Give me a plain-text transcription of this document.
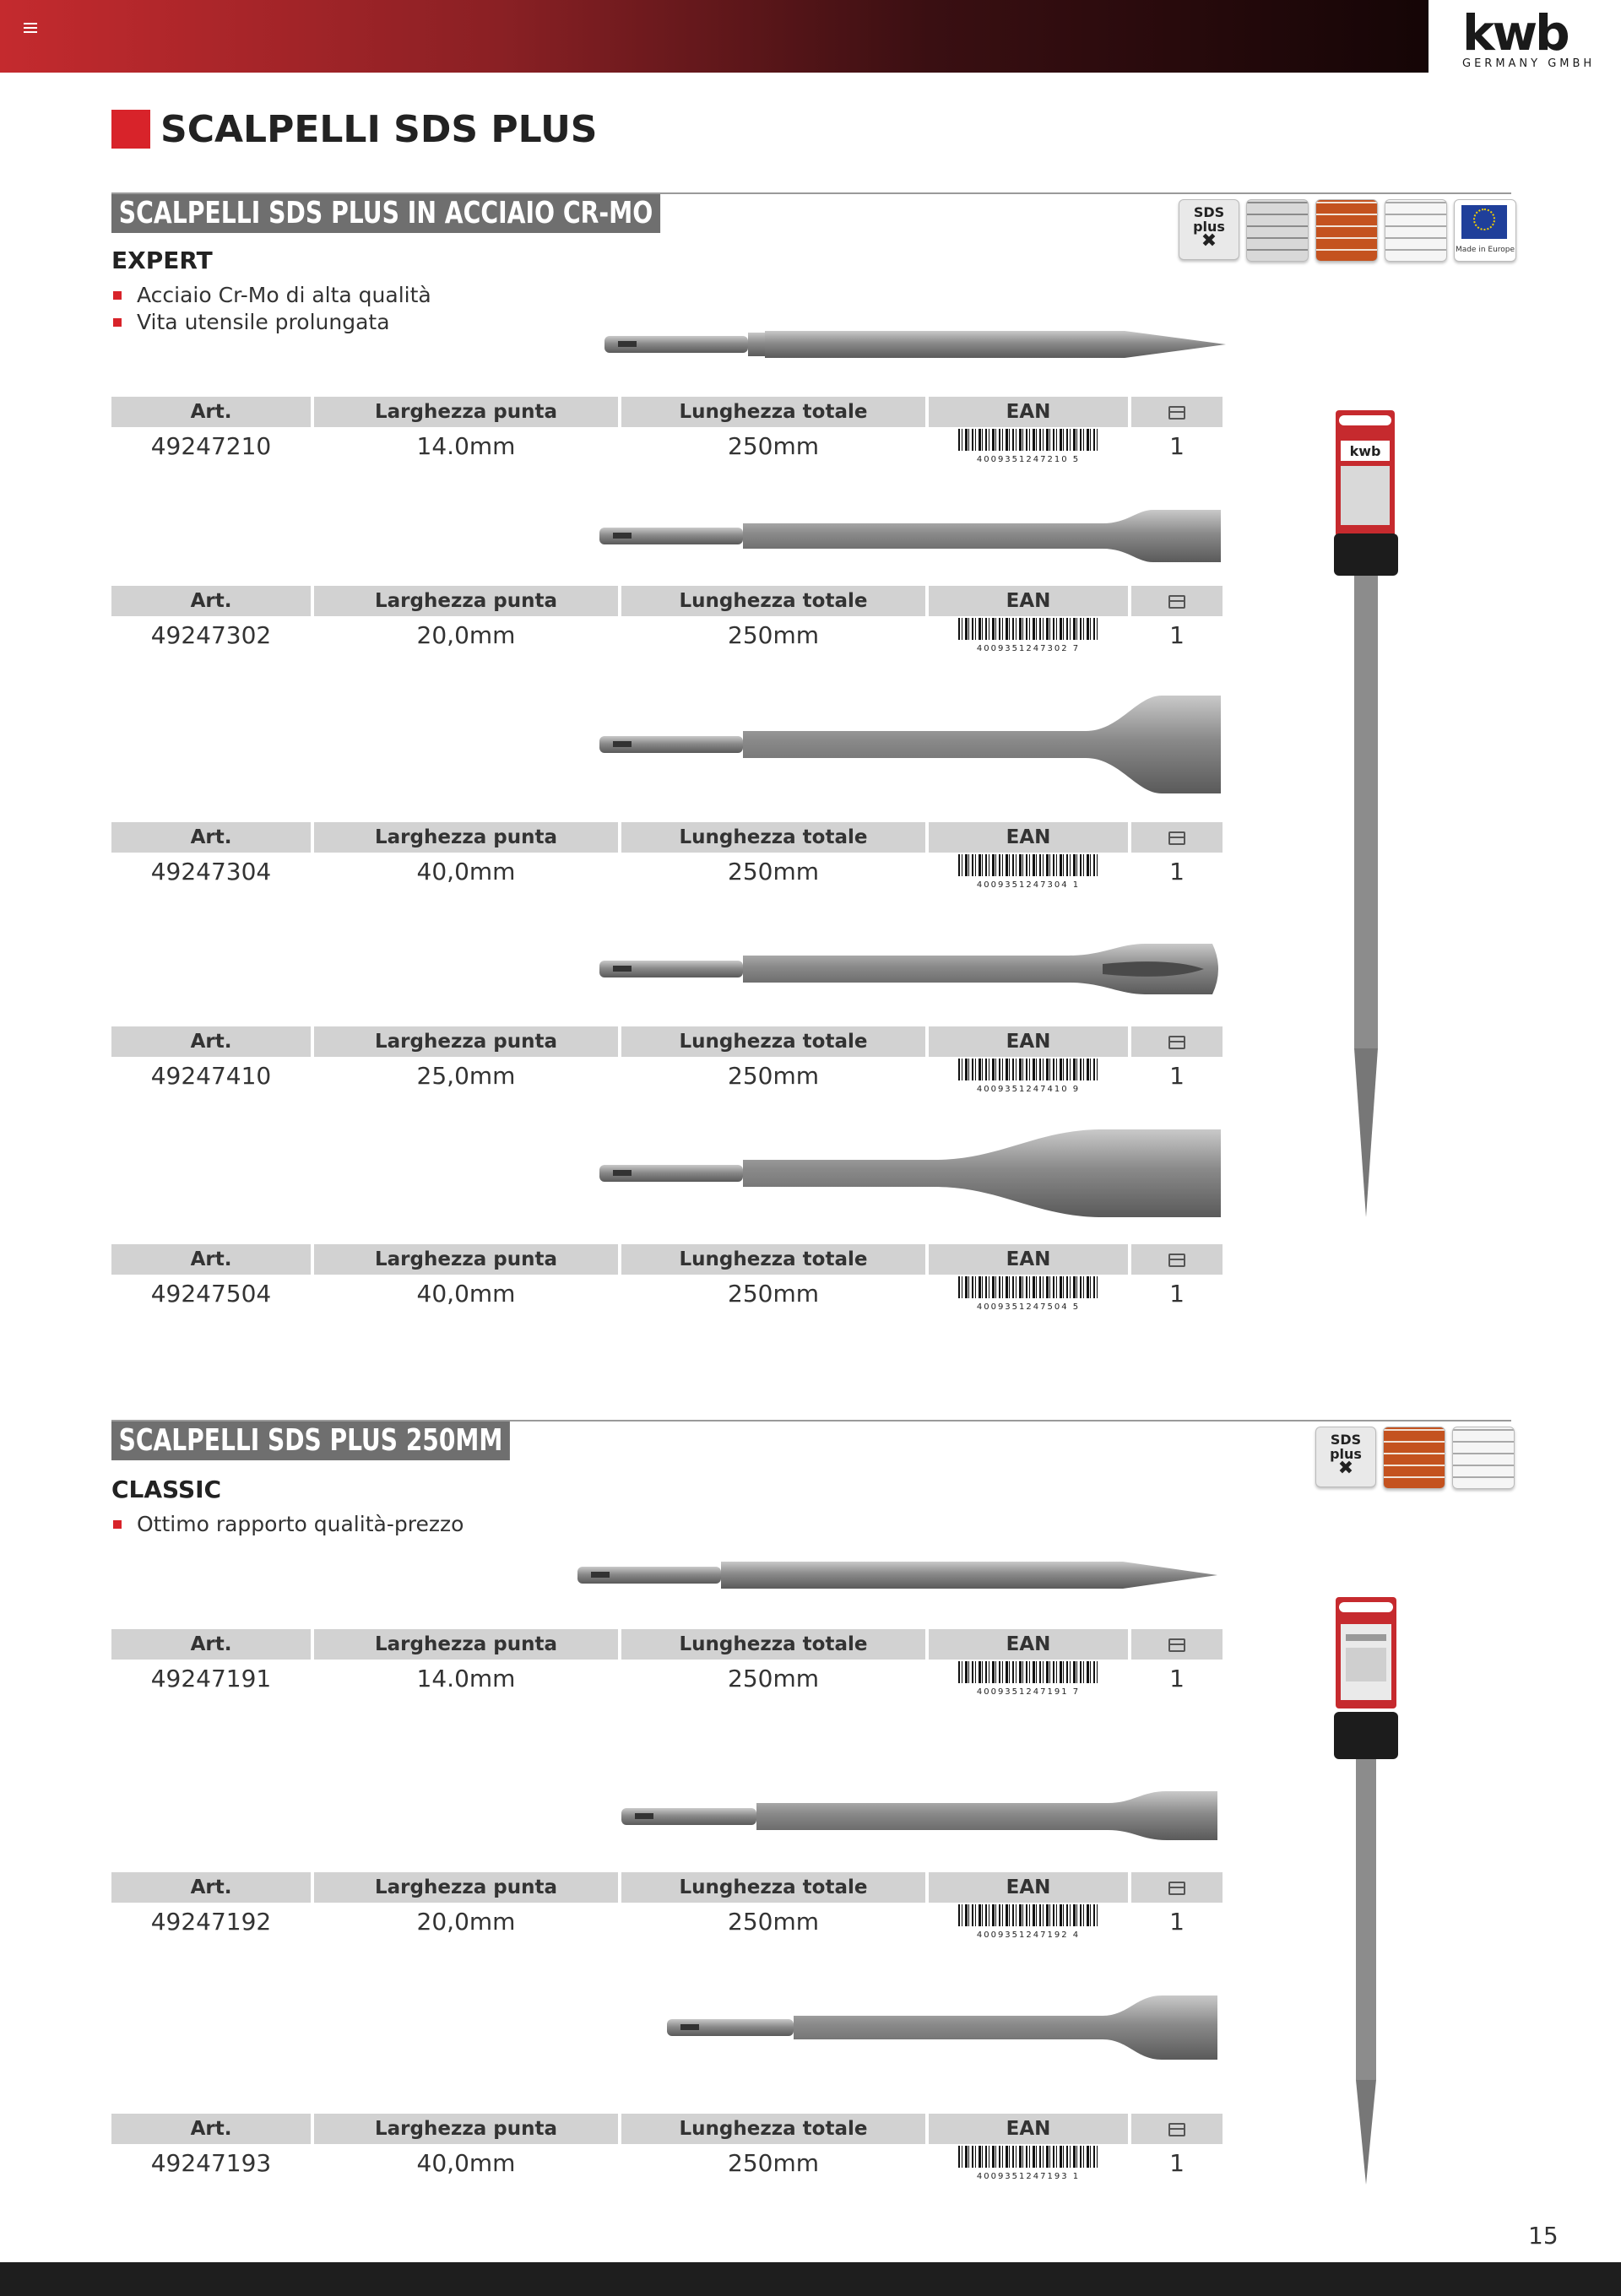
kwb
GERMANY GMBH
SCALPELLI SDS PLUS
SCALPELLI SDS PLUS IN ACCIAIO CR-MO
EXPERT
Acciaio Cr-Mo di alta qualità
Vita utensile prolungata
SDS
plus
✖	Made in Europe
Art.	Larghezza punta	Lunghezza totale	EAN	
49247210	14.0mm	250mm	4009351247210 5	1
Art.	Larghezza punta	Lunghezza totale	EAN	
49247302	20,0mm	250mm	4009351247302 7	1
Art.	Larghezza punta	Lunghezza totale	EAN	
49247304	40,0mm	250mm	4009351247304 1	1
Art.	Larghezza punta	Lunghezza totale	EAN	
49247410	25,0mm	250mm	4009351247410 9	1
Art.	Larghezza punta	Lunghezza totale	EAN	
49247504	40,0mm	250mm	4009351247504 5	1
kwb
SCALPELLI SDS PLUS 250MM
CLASSIC
Ottimo rapporto qualità-prezzo
SDS
plus
✖
Art.	Larghezza punta	Lunghezza totale	EAN	
49247191	14.0mm	250mm	4009351247191 7	1
Art.	Larghezza punta	Lunghezza totale	EAN	
49247192	20,0mm	250mm	4009351247192 4	1
Art.	Larghezza punta	Lunghezza totale	EAN	
49247193	40,0mm	250mm	4009351247193 1	1
15
